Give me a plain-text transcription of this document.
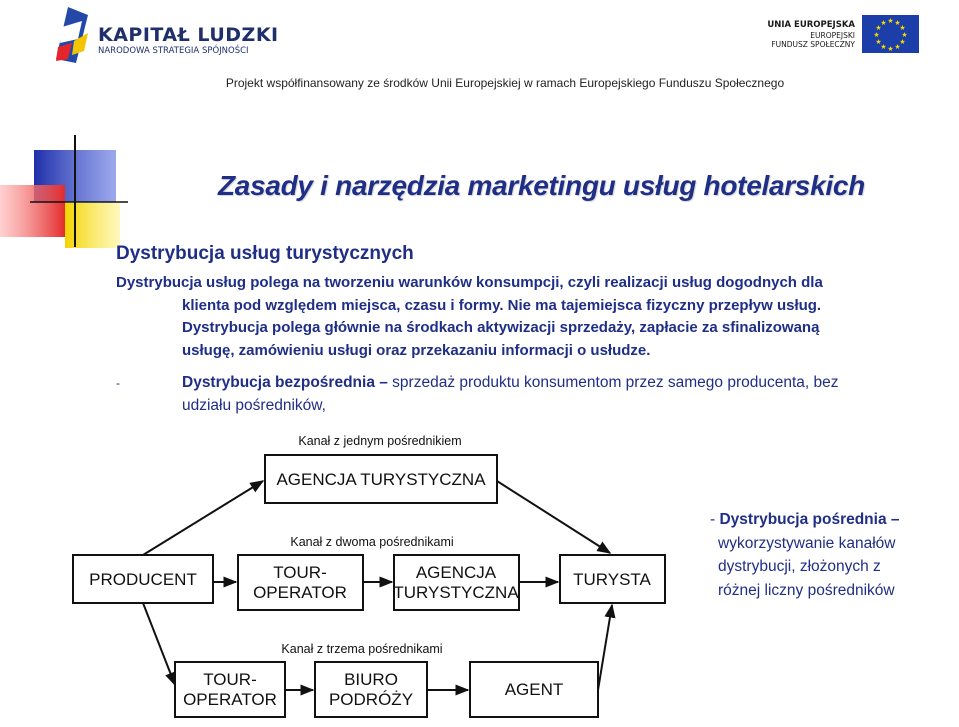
KAPITAŁ LUDZKI
NARODOWA STRATEGIA SPÓJNOŚCI
UNIA EUROPEJSKA
EUROPEJSKI
FUNDUSZ SPOŁECZNY
★ ★
★
★
★
★
★
★
★
★
★
★
Projekt współfinansowany ze środków Unii Europejskiej w ramach Europejskiego Funduszu Społecznego
Zasady i narzędzia marketingu usług hotelarskich
Dystrybucja usług turystycznych
Dystrybucja usług polega na tworzeniu warunków konsumpcji, czyli realizacji usług dogodnych dla
klienta pod względem miejsca, czasu i formy. Nie ma tajemiejsca fizyczny przepływ usług.
Dystrybucja polega głównie na środkach aktywizacji sprzedaży, zapłacie za sfinalizowaną
usługę, zamówieniu usługi oraz przekazaniu informacji o usłudze.
-	Dystrybucja bezpośrednia – sprzedaż produktu konsumentom przez samego producenta, bez
udziału pośredników,
- Dystrybucja pośrednia –
wykorzystywanie kanałów
dystrybucji, złożonych z
różnej liczny pośredników
Kanał z jednym pośrednikiem
Kanał z dwoma pośrednikami
Kanał z trzema pośrednikami
AGENCJA TURYSTYCZNA
PRODUCENT	TOUR-
OPERATOR
AGENCJA
TURYSTYCZNA
TURYSTA
TOUR-
OPERATOR
BIURO
PODRÓŻY
AGENT
